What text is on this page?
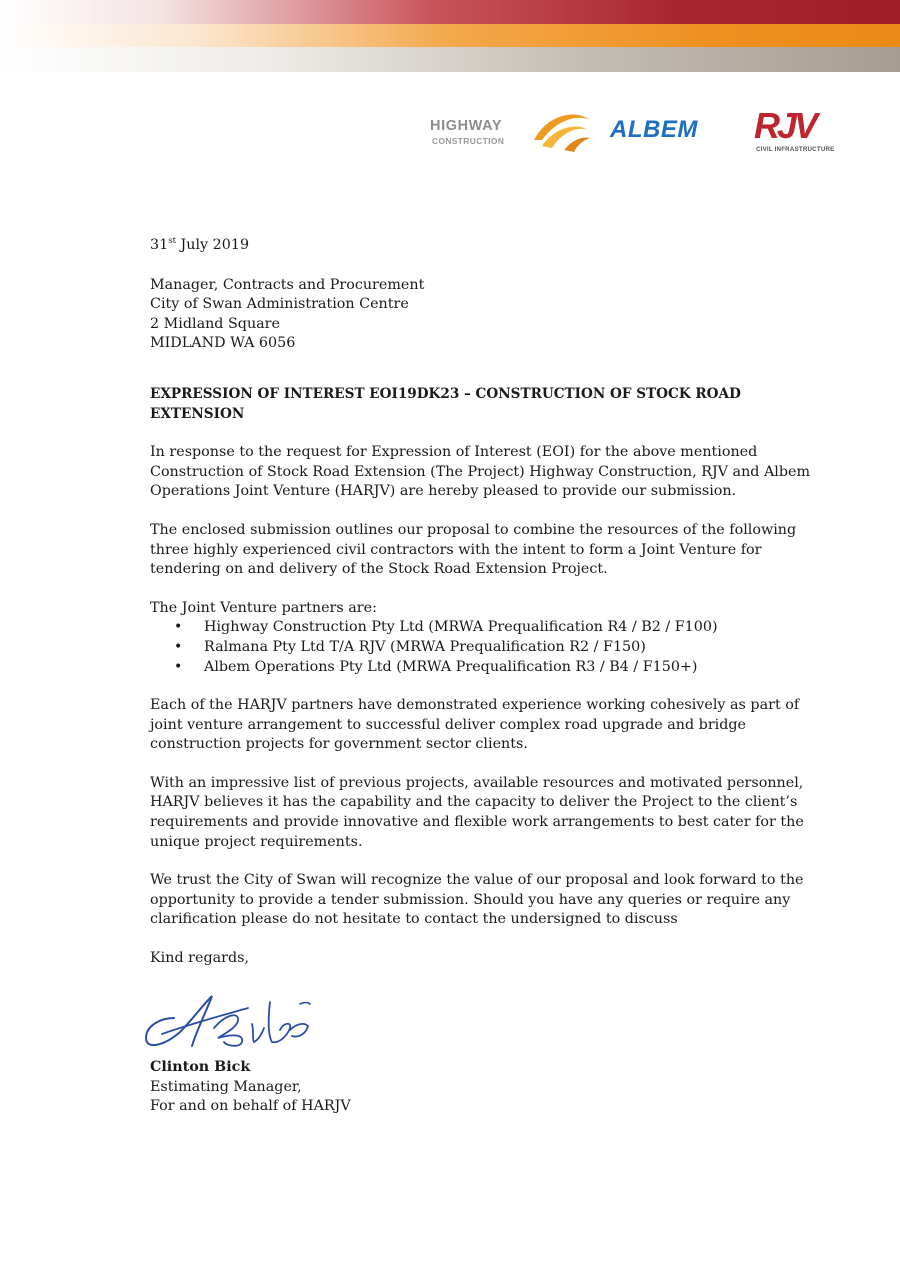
HIGHWAY
CONSTRUCTION	ALBEM RJV
CIVIL INFRASTRUCTURE

31st July 2019

Manager, Contracts and Procurement
City of Swan Administration Centre
2 Midland Square
MIDLAND WA 6056

EXPRESSION OF INTEREST EOI19DK23 – CONSTRUCTION OF STOCK ROAD EXTENSION

In response to the request for Expression of Interest (EOI) for the above mentioned
Construction of Stock Road Extension (The Project) Highway Construction, RJV and Albem
Operations Joint Venture (HARJV) are hereby pleased to provide our submission.

The enclosed submission outlines our proposal to combine the resources of the following
three highly experienced civil contractors with the intent to form a Joint Venture for
tendering on and delivery of the Stock Road Extension Project.

The Joint Venture partners are:

• Highway Construction Pty Ltd (MRWA Prequalification R4 / B2 / F100)
• Ralmana Pty Ltd T/A RJV (MRWA Prequalification R2 / F150)
• Albem Operations Pty Ltd (MRWA Prequalification R3 / B4 / F150+)

Each of the HARJV partners have demonstrated experience working cohesively as part of
joint venture arrangement to successful deliver complex road upgrade and bridge
construction projects for government sector clients.

With an impressive list of previous projects, available resources and motivated personnel,
HARJV believes it has the capability and the capacity to deliver the Project to the client’s
requirements and provide innovative and flexible work arrangements to best cater for the
unique project requirements.

We trust the City of Swan will recognize the value of our proposal and look forward to the
opportunity to provide a tender submission. Should you have any queries or require any
clarification please do not hesitate to contact the undersigned to discuss

Kind regards,

Clinton Bick
Estimating Manager,
For and on behalf of HARJV
